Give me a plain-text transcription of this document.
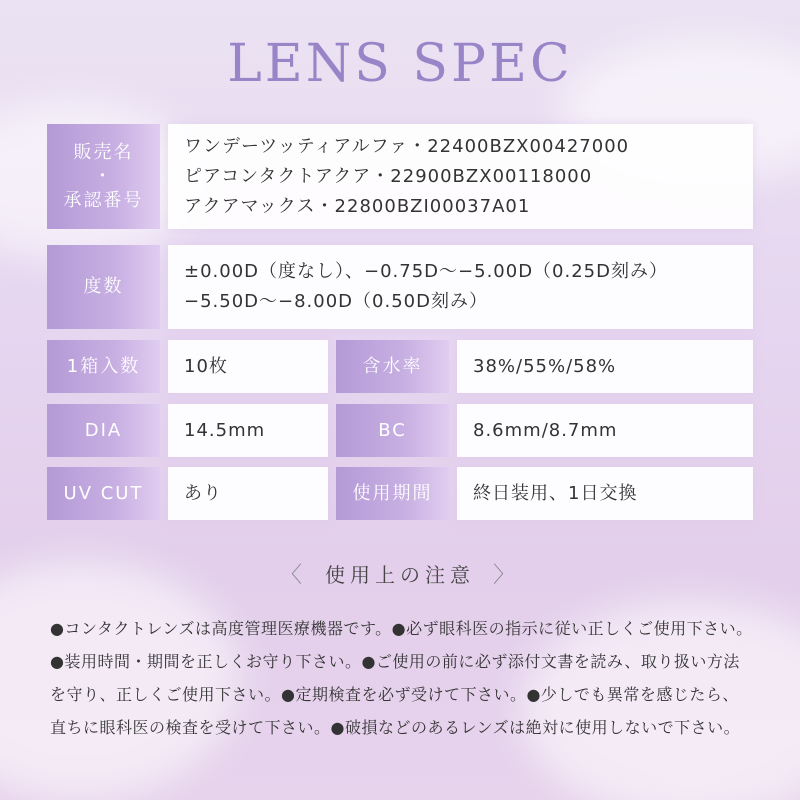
LENS SPEC
販売名
・
承認番号
ワンデーツッティアルファ・22400BZX00427000
ピアコンタクトアクア・22900BZX00118000
アクアマックス・22800BZI00037A01
度数
±0.00D（度なし）、−0.75D〜−5.00D（0.25D刻み）
−5.50D〜−8.00D（0.50D刻み）
1箱入数	10枚	含水率	38%/55%/58%
DIA	14.5mm	BC	8.6mm/8.7mm
UV CUT	あり	使用期間	終日装用、1日交換
〈 使用上の注意 〉
●コンタクトレンズは高度管理医療機器です。●必ず眼科医の指示に従い正しくご使用下さい。●装用時間・期間を正しくお守り下さい。●ご使用の前に必ず添付文書を読み、取り扱い方法を守り、正しくご使用下さい。●定期検査を必ず受けて下さい。●少しでも異常を感じたら、直ちに眼科医の検査を受けて下さい。●破損などのあるレンズは絶対に使用しないで下さい。
